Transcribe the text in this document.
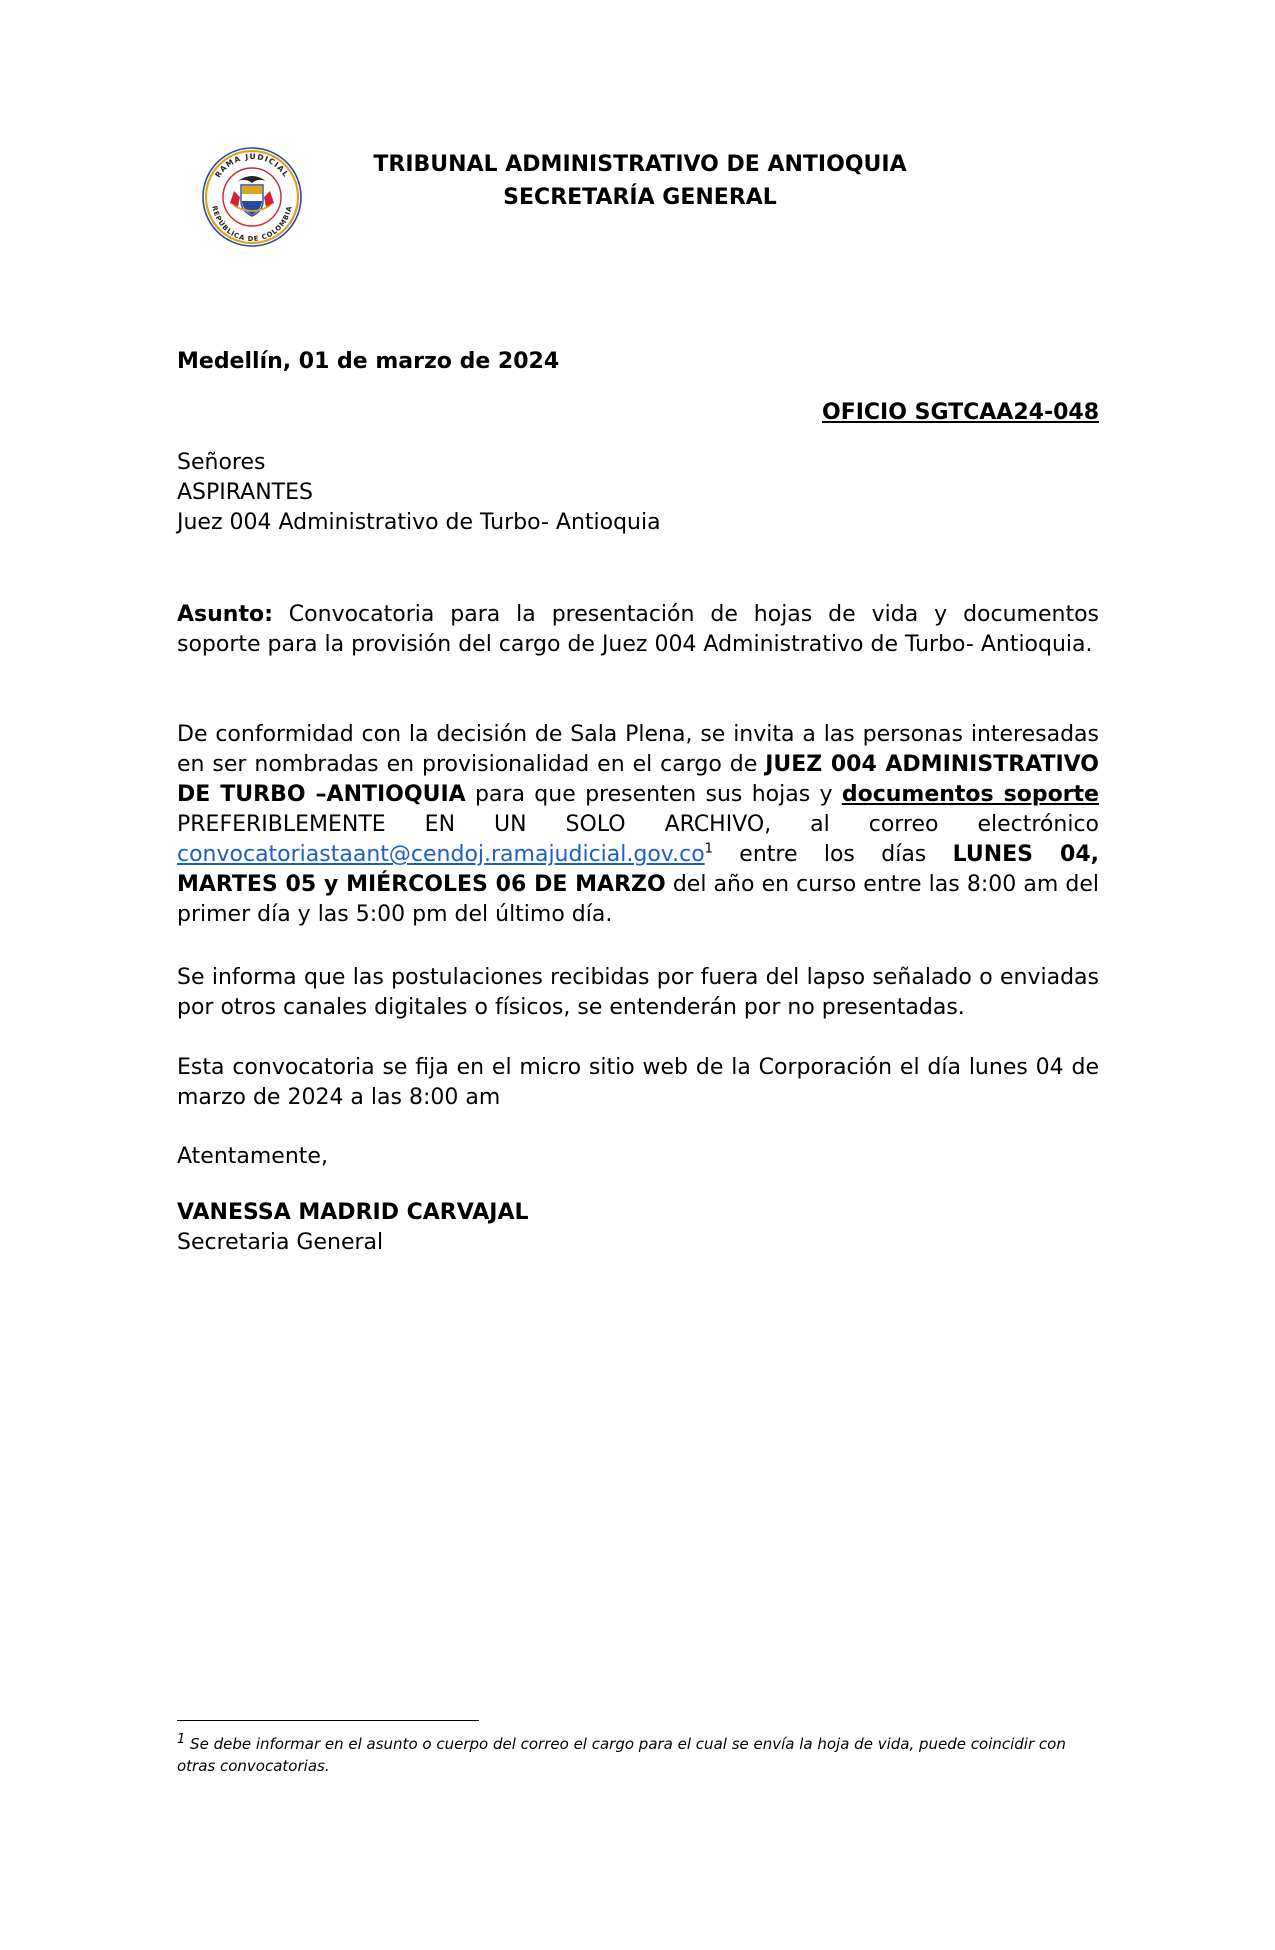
RAMA JUDICIAL
REPÚBLICA DE COLOMBIA
TRIBUNAL ADMINISTRATIVO DE ANTIOQUIA
SECRETARÍA GENERAL
Medellín, 01 de marzo de 2024
OFICIO SGTCAA24-048
Señores
ASPIRANTES
Juez 004 Administrativo de Turbo- Antioquia
Asunto: Convocatoria para la presentación de hojas de vida y documentos soporte para la provisión del cargo de Juez 004 Administrativo de Turbo- Antioquia.
De conformidad con la decisión de Sala Plena, se invita a las personas interesadas en ser nombradas en provisionalidad en el cargo de JUEZ 004 ADMINISTRATIVO DE TURBO –ANTIOQUIA para que presenten sus hojas y documentos soporte PREFERIBLEMENTE EN UN SOLO ARCHIVO, al correo electrónico $convocatoriastaant@cendoj.ramajudicial.gov.co^1$ entre los días LUNES 04, MARTES 05 y MIÉRCOLES 06 DE MARZO del año en curso entre las 8:00 am del primer día y las 5:00 pm del último día.
Se informa que las postulaciones recibidas por fuera del lapso señalado o enviadas por otros canales digitales o físicos, se entenderán por no presentadas.
Esta convocatoria se fija en el micro sitio web de la Corporación el día lunes 04 de marzo de 2024 a las 8:00 am
Atentamente,
VANESSA MADRID CARVAJAL
Secretaria General
$^1$ Se debe informar en el asunto o cuerpo del correo el cargo para el cual se envía la hoja de vida, puede coincidir con otras convocatorias.
